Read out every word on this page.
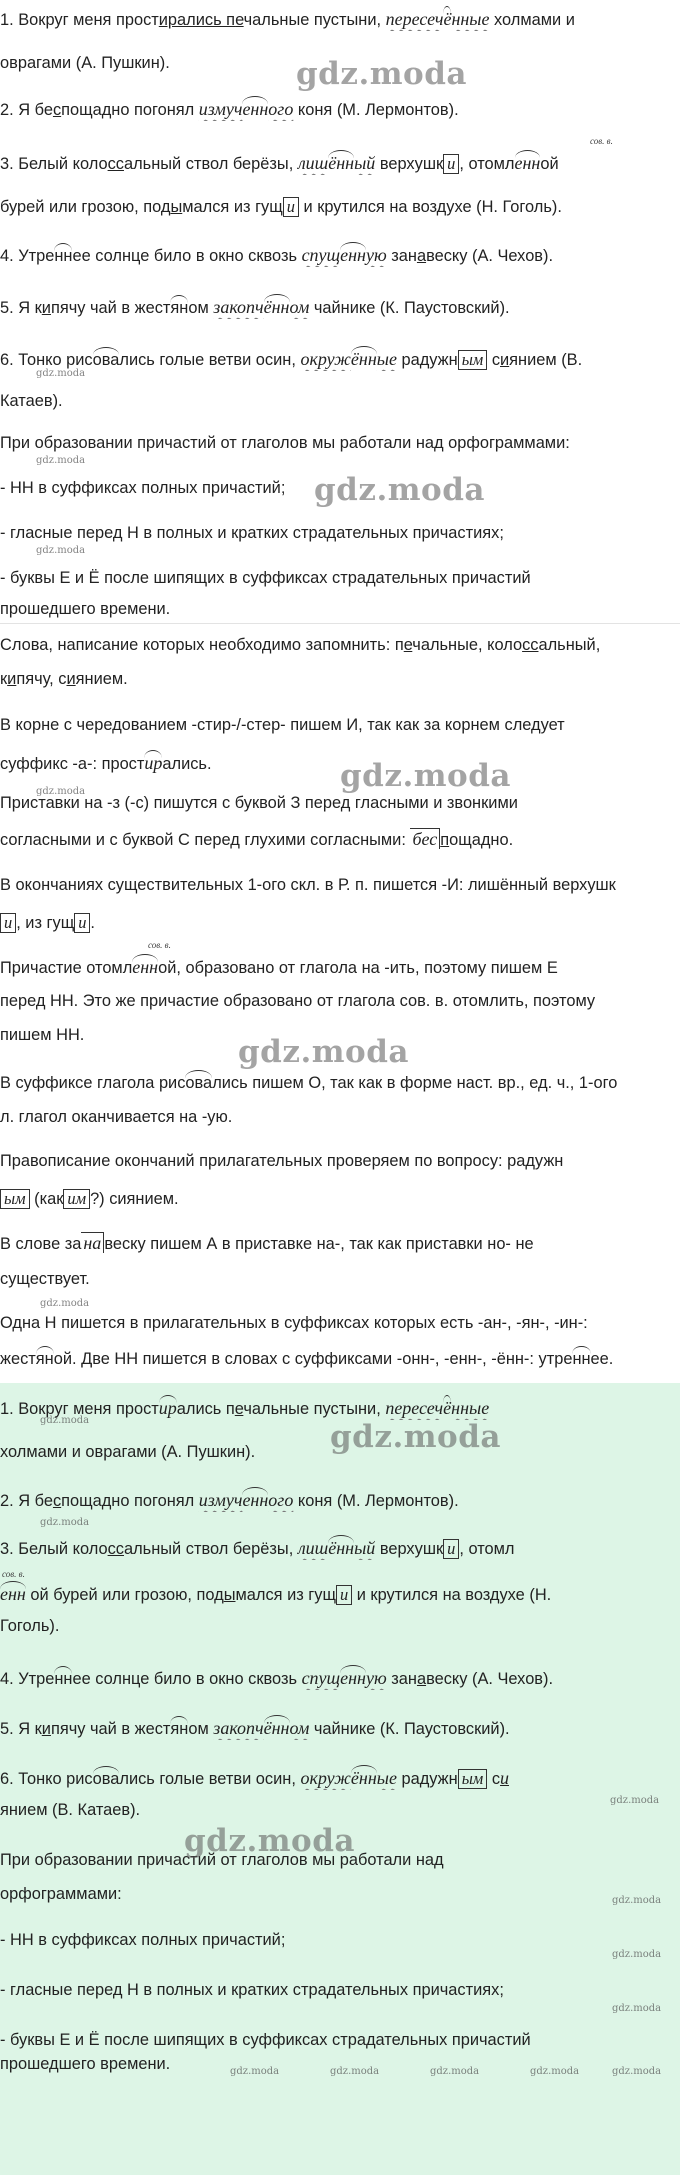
1. Вокруг меня простирались печальные пустыни, пересечённые холмами и
оврагами (А. Пушкин).
2. Я беспощадно погонял измученного коня (М. Лермонтов).
сов. в.
3. Белый колоссальный ствол берёзы, лишённый верхушк и , отомленной
бурей или грозою, подымался из гущ и и крутился на воздухе (Н. Гоголь).
4. Утреннее солнце било в окно сквозь спущенную занавеску (А. Чехов).
5. Я кипячу чай в жестяном закопчённом чайнике (К. Паустовский).
6. Тонко рисовались голые ветви осин, окружённые радужн ым сиянием (В.
Катаев).
При образовании причастий от глаголов мы работали над орфограммами:
- НН в суффиксах полных причастий;
- гласные перед Н в полных и кратких страдательных причастиях;
- буквы Е и Ё после шипящих в суффиксах страдательных причастий
прошедшего времени.
gdz.moda
gdz.moda
gdz.moda
gdz.moda
gdz.moda
Слова, написание которых необходимо запомнить: печальные, колоссальный,
кипячу, сиянием.
В корне с чередованием -стир-/-стер- пишем И, так как за корнем следует
суффикс -а-: простирались.
Приставки на -з (-с) пишутся с буквой З перед гласными и звонкими
согласными и с буквой С перед глухими согласными: бес пощадно.
В окончаниях существительных 1-ого скл. в Р. п. пишется -И: лишённый верхушк
и , из гущ и .
сов. в.
Причастие отомленной, образовано от глагола на -ить, поэтому пишем Е
перед НН. Это же причастие образовано от глагола сов. в. отомлить, поэтому
пишем НН.
В суффиксе глагола рисовались пишем О, так как в форме наст. вр., ед. ч., 1-ого
л. глагол оканчивается на -ую.
Правописание окончаний прилагательных проверяем по вопросу: радужн
ым (как им ?) сиянием.
В слове за на веску пишем А в приставке на-, так как приставки но- не
существует.
Одна Н пишется в прилагательных в суффиксах которых есть -ан-, -ян-, -ин-:
жестяной. Две НН пишется в словах с суффиксами -онн-, -енн-, -ённ-: утреннее.
gdz.moda
gdz.moda
gdz.moda
gdz.moda
1. Вокруг меня простирались печальные пустыни, пересечённые
холмами и оврагами (А. Пушкин).
2. Я беспощадно погонял измученного коня (М. Лермонтов).
3. Белый колоссальный ствол берёзы, лишённый верхушк и , отомл
сов. в.
енн ой бурей или грозою, подымался из гущ и и крутился на воздухе (Н.
Гоголь).
4. Утреннее солнце било в окно сквозь спущенную занавеску (А. Чехов).
5. Я кипячу чай в жестяном закопчённом чайнике (К. Паустовский).
6. Тонко рисовались голые ветви осин, окружённые радужн ым си
янием (В. Катаев).
При образовании причастий от глаголов мы работали над
орфограммами:
- НН в суффиксах полных причастий;
- гласные перед Н в полных и кратких страдательных причастиях;
- буквы Е и Ё после шипящих в суффиксах страдательных причастий
прошедшего времени.
gdz.moda
gdz.moda
gdz.moda
gdz.moda
gdz.moda
gdz.moda
gdz.moda
gdz.moda
gdz.moda	gdz.moda	gdz.moda	gdz.moda	gdz.moda
